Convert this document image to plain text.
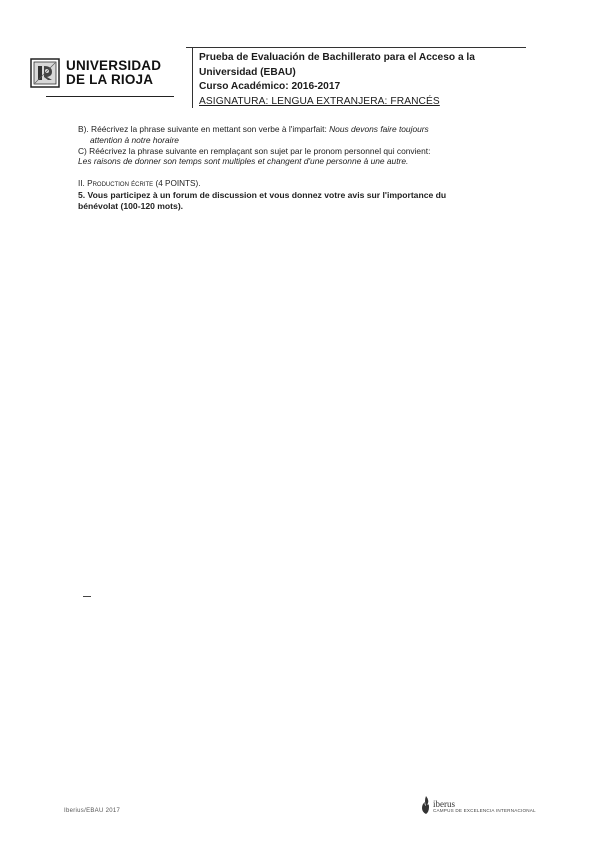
UNIVERSIDAD
DE LA RIOJA
Prueba de Evaluación de Bachillerato para el Acceso a la
Universidad (EBAU)
Curso Académico: 2016-2017
ASIGNATURA: LENGUA EXTRANJERA: FRANCÉS
B). Réécrivez la phrase suivante en mettant son verbe à l'imparfait: Nous devons faire toujours
attention à notre horaire
C) Réécrivez la phrase suivante en remplaçant son sujet par le pronom personnel qui convient:
Les raisons de donner son temps sont multiples et changent d'une personne à une autre.
II. Production écrite (4 POINTS).
5. Vous participez à un forum de discussion et vous donnez votre avis sur l'importance du
bénévolat (100-120 mots).
Iberius/EBAU 2017
iberus
CAMPUS DE EXCELENCIA INTERNACIONAL
